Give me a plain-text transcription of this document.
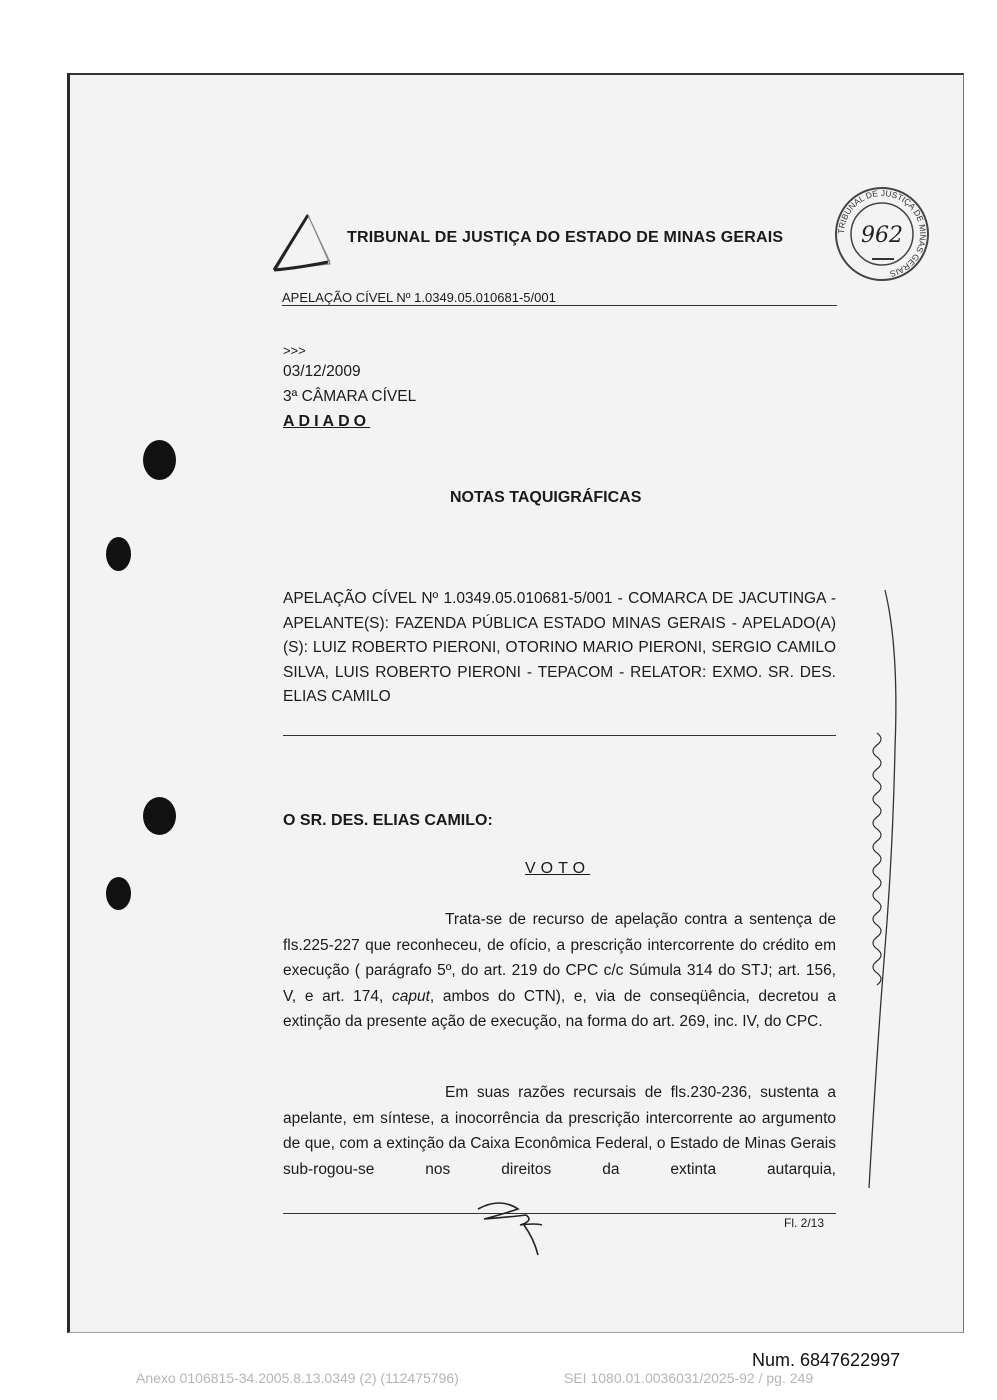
TRIBUNAL DE JUSTIÇA DO ESTADO DE MINAS GERAIS	TRIBUNAL DE JUSTIÇA DE MINAS GERAIS
962
APELAÇÃO CÍVEL Nº 1.0349.05.010681-5/001
>>>
03/12/2009
3ª CÂMARA CÍVEL
ADIADO
NOTAS TAQUIGRÁFICAS
APELAÇÃO CÍVEL Nº 1.0349.05.010681-5/001 - COMARCA DE JACUTINGA - APELANTE(S): FAZENDA PÚBLICA ESTADO MINAS GERAIS - APELADO(A)(S): LUIZ ROBERTO PIERONI, OTORINO MARIO PIERONI, SERGIO CAMILO SILVA, LUIS ROBERTO PIERONI - TEPACOM - RELATOR: EXMO. SR. DES. ELIAS CAMILO
O SR. DES. ELIAS CAMILO:
VOTO
Trata-se de recurso de apelação contra a sentença de fls.225-227 que reconheceu, de ofício, a prescrição intercorrente do crédito em execução ( parágrafo 5º, do art. 219 do CPC c/c Súmula 314 do STJ; art. 156, V, e art. 174, caput, ambos do CTN), e, via de conseqüência, decretou a extinção da presente ação de execução, na forma do art. 269, inc. IV, do CPC.
Em suas razões recursais de fls.230-236, sustenta a apelante, em síntese, a inocorrência da prescrição intercorrente ao argumento de que, com a extinção da Caixa Econômica Federal, o Estado de Minas Gerais sub-rogou-se nos direitos da extinta autarquia,
Fl. 2/13
Num. 6847622997
Anexo 0106815-34.2005.8.13.0349 (2) (112475796)	SEI 1080.01.0036031/2025-92 / pg. 249
